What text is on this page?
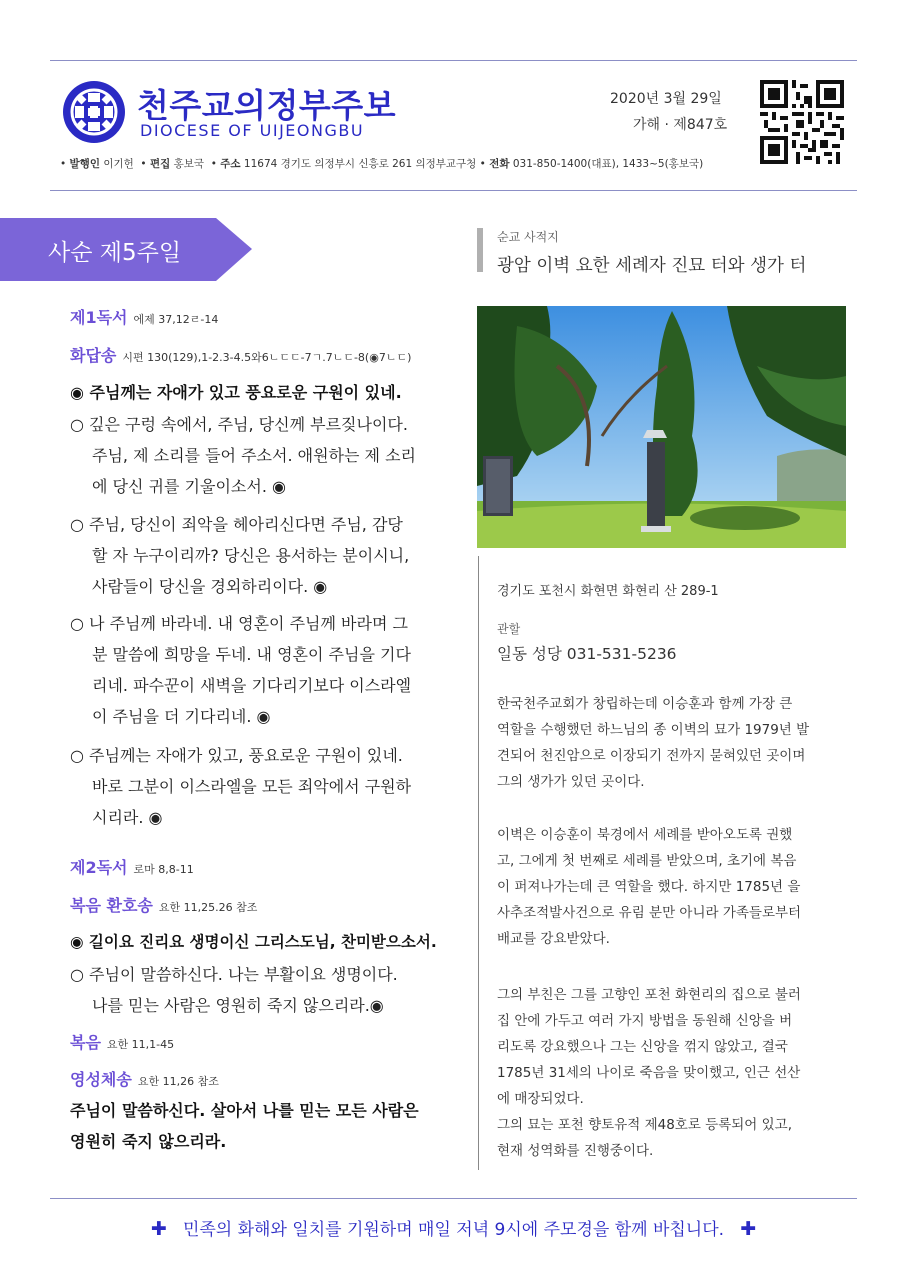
천주교의정부주보
DIOCESE OF UIJEONGBU
2020년 3월 29일
가해 · 제847호
• 발행인 이기헌  • 편집 홍보국  • 주소 11674 경기도 의정부시 신흥로 261 의정부교구청 • 전화 031-850-1400(대표), 1433~5(홍보국)
사순 제5주일
제1독서 에제 37,12ㄹ-14
화답송 시편 130(129),1-2.3-4.5와6ㄴㄷㄷ-7ㄱ.7ㄴㄷ-8(◉7ㄴㄷ)
◉ 주님께는 자애가 있고 풍요로운 구원이 있네.
○ 깊은 구렁 속에서, 주님, 당신께 부르짖나이다.
주님, 제 소리를 들어 주소서. 애원하는 제 소리
에 당신 귀를 기울이소서. ◉
○ 주님, 당신이 죄악을 헤아리신다면 주님, 감당
할 자 누구이리까? 당신은 용서하는 분이시니,
사람들이 당신을 경외하리이다. ◉
○ 나 주님께 바라네. 내 영혼이 주님께 바라며 그
분 말씀에 희망을 두네. 내 영혼이 주님을 기다
리네. 파수꾼이 새벽을 기다리기보다 이스라엘
이 주님을 더 기다리네. ◉
○ 주님께는 자애가 있고, 풍요로운 구원이 있네.
바로 그분이 이스라엘을 모든 죄악에서 구원하
시리라. ◉
제2독서 로마 8,8-11
복음 환호송 요한 11,25.26 참조
◉ 길이요 진리요 생명이신 그리스도님, 찬미받으소서.
○ 주님이 말씀하신다. 나는 부활이요 생명이다.
나를 믿는 사람은 영원히 죽지 않으리라.◉
복음 요한 11,1-45
영성체송 요한 11,26 참조
주님이 말씀하신다. 살아서 나를 믿는 모든 사람은
영원히 죽지 않으리라.
순교 사적지
광암 이벽 요한 세례자 진묘 터와 생가 터
경기도 포천시 화현면 화현리 산 289-1
관할
일동 성당 031-531-5236
한국천주교회가 창립하는데 이승훈과 함께 가장 큰
역할을 수행했던 하느님의 종 이벽의 묘가 1979년 발
견되어 천진암으로 이장되기 전까지 묻혀있던 곳이며
그의 생가가 있던 곳이다.
이벽은 이승훈이 북경에서 세례를 받아오도록 권했
고, 그에게 첫 번째로 세례를 받았으며, 초기에 복음
이 퍼져나가는데 큰 역할을 했다. 하지만 1785년 을
사추조적발사건으로 유림 분만 아니라 가족들로부터
배교를 강요받았다.
그의 부친은 그를 고향인 포천 화현리의 집으로 불러
집 안에 가두고 여러 가지 방법을 동원해 신앙을 버
리도록 강요했으나 그는 신앙을 꺾지 않았고, 결국
1785년 31세의 나이로 죽음을 맞이했고, 인근 선산
에 매장되었다.
그의 묘는 포천 향토유적 제48호로 등록되어 있고,
현재 성역화를 진행중이다.
✚ 민족의 화해와 일치를 기원하며 매일 저녁 9시에 주모경을 함께 바칩니다. ✚
